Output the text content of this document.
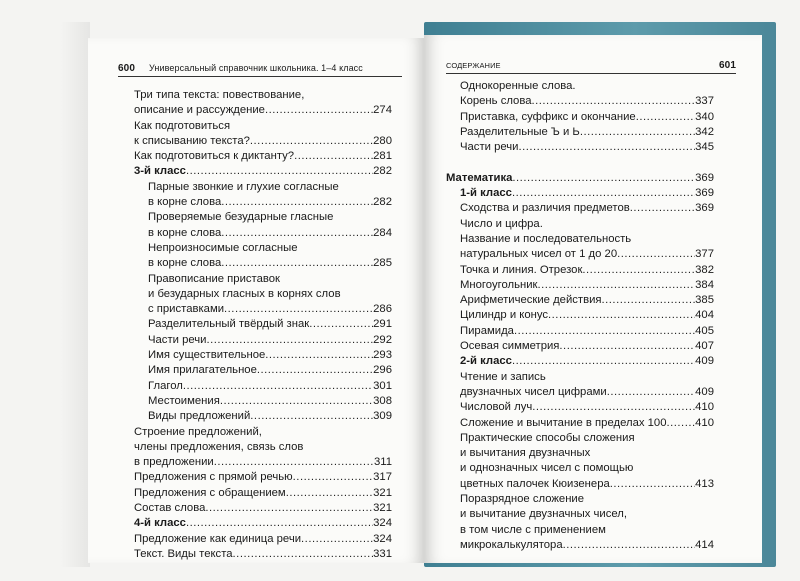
600 Универсальный справочник школьника. 1–4 класс
Три типа текста: повествование,
описание и рассуждение .....	274
Как подготовиться
к списыванию текста? .....	280
Как подготовиться к диктанту? .....	281
3-й класс .....	282
Парные звонкие и глухие согласные
в корне слова .....	282
Проверяемые безударные гласные
в корне слова .....	284
Непроизносимые согласные
в корне слова .....	285
Правописание приставок
и безударных гласных в корнях слов
с приставками .....	286
Разделительный твёрдый знак .....	291
Части речи .....	292
Имя существительное .....	293
Имя прилагательное .....	296
Глагол .....	301
Местоимения .....	308
Виды предложений .....	309
Строение предложений,
члены предложения, связь слов
в предложении .....	311
Предложения с прямой речью .....	317
Предложения с обращением .....	321
Состав слова .....	321
4-й класс .....	324
Предложение как единица речи .....	324
Текст. Виды текста .....	331
СОДЕРЖАНИЕ	601
Однокоренные слова.
Корень слова .....	337
Приставка, суффикс и окончание .....	340
Разделительные Ъ и Ь .....	342
Части речи .....	345
Математика .....	369
1-й класс .....	369
Сходства и различия предметов .....	369
Число и цифра.
Название и последовательность
натуральных чисел от 1 до 20 .....	377
Точка и линия. Отрезок .....	382
Многоугольник .....	384
Арифметические действия .....	385
Цилиндр и конус .....	404
Пирамида .....	405
Осевая симметрия .....	407
2-й класс .....	409
Чтение и запись
двузначных чисел цифрами .....	409
Числовой луч .....	410
Сложение и вычитание в пределах 100 .....	410
Практические способы сложения
и вычитания двузначных
и однозначных чисел с помощью
цветных палочек Кюизенера .....	413
Поразрядное сложение
и вычитание двузначных чисел,
в том числе с применением
микрокалькулятора .....	414
